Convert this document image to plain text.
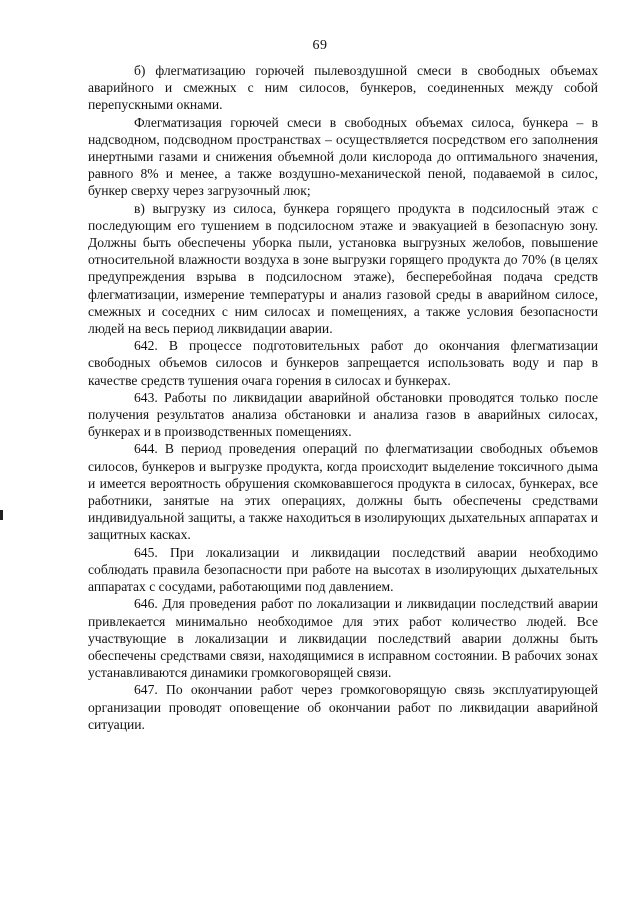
69

б) флегматизацию горючей пылевоздушной смеси в свободных объемах аварийного и смежных с ним силосов, бункеров, соединенных между собой перепускными окнами.

Флегматизация горючей смеси в свободных объемах силоса, бункера – в надсводном, подсводном пространствах – осуществляется посредством его заполнения инертными газами и снижения объемной доли кислорода до оптимального значения, равного 8% и менее, а также воздушно-механической пеной, подаваемой в силос, бункер сверху через загрузочный люк;

в) выгрузку из силоса, бункера горящего продукта в подсилосный этаж с последующим его тушением в подсилосном этаже и эвакуацией в безопасную зону. Должны быть обеспечены уборка пыли, установка выгрузных желобов, повышение относительной влажности воздуха в зоне выгрузки горящего продукта до 70% (в целях предупреждения взрыва в подсилосном этаже), бесперебойная подача средств флегматизации, измерение температуры и анализ газовой среды в аварийном силосе, смежных и соседних с ним силосах и помещениях, а также условия безопасности людей на весь период ликвидации аварии.

642. В процессе подготовительных работ до окончания флегматизации свободных объемов силосов и бункеров запрещается использовать воду и пар в качестве средств тушения очага горения в силосах и бункерах.

643. Работы по ликвидации аварийной обстановки проводятся только после получения результатов анализа обстановки и анализа газов в аварийных силосах, бункерах и в производственных помещениях.

644. В период проведения операций по флегматизации свободных объемов силосов, бункеров и выгрузке продукта, когда происходит выделение токсичного дыма и имеется вероятность обрушения скомковавшегося продукта в силосах, бункерах, все работники, занятые на этих операциях, должны быть обеспечены средствами индивидуальной защиты, а также находиться в изолирующих дыхательных аппаратах и защитных касках.

645. При локализации и ликвидации последствий аварии необходимо соблюдать правила безопасности при работе на высотах в изолирующих дыхательных аппаратах с сосудами, работающими под давлением.

646. Для проведения работ по локализации и ликвидации последствий аварии привлекается минимально необходимое для этих работ количество людей. Все участвующие в локализации и ликвидации последствий аварии должны быть обеспечены средствами связи, находящимися в исправном состоянии. В рабочих зонах устанавливаются динамики громкоговорящей связи.

647. По окончании работ через громкоговорящую связь эксплуатирующей организации проводят оповещение об окончании работ по ликвидации аварийной ситуации.
